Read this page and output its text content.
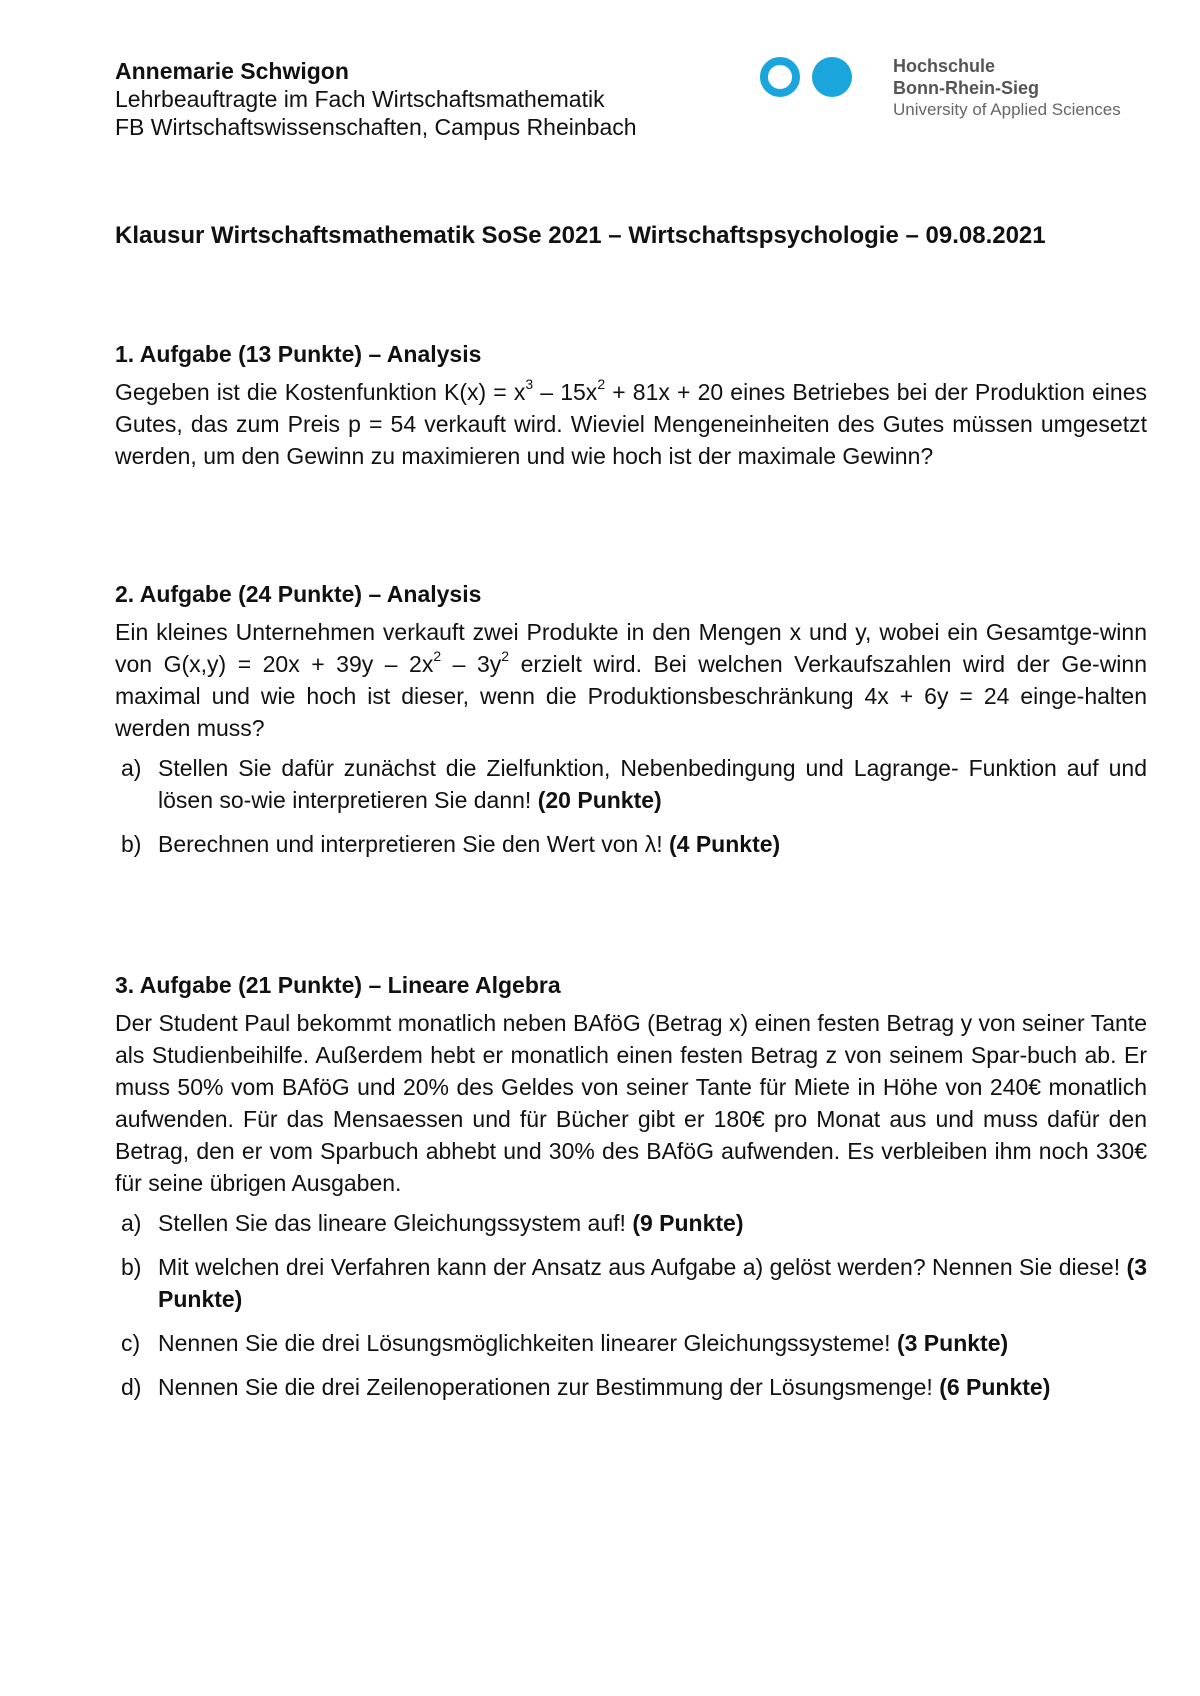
Annemarie Schwigon
Lehrbeauftragte im Fach Wirtschaftsmathematik
FB Wirtschaftswissenschaften, Campus Rheinbach
Hochschule
Bonn-Rhein-Sieg
University of Applied Sciences
Klausur Wirtschaftsmathematik SoSe 2021 – Wirtschaftspsychologie – 09.08.2021
1. Aufgabe (13 Punkte) – Analysis

Gegeben ist die Kostenfunktion $K(x) = x^3 - 15x^2 + 81x + 20$ eines Betriebes bei der Produktion eines Gutes, das zum Preis p = 54 verkauft wird. Wieviel Mengeneinheiten des Gutes müssen umgesetzt werden, um den Gewinn zu maximieren und wie hoch ist der maximale Gewinn?

2. Aufgabe (24 Punkte) – Analysis

Ein kleines Unternehmen verkauft zwei Produkte in den Mengen x und y, wobei ein Gesamtge-winn von $G(x,y) = 20x + 39y - 2x^2 - 3y^2$ erzielt wird. Bei welchen Verkaufszahlen wird der Ge-winn maximal und wie hoch ist dieser, wenn die Produktionsbeschränkung 4x + 6y = 24 einge-halten werden muss?

a) Stellen Sie dafür zunächst die Zielfunktion, Nebenbedingung und Lagrange- Funktion auf und lösen so-wie interpretieren Sie dann! (20 Punkte)
b) Berechnen und interpretieren Sie den Wert von λ! (4 Punkte)
3. Aufgabe (21 Punkte) – Lineare Algebra

Der Student Paul bekommt monatlich neben BAföG (Betrag x) einen festen Betrag y von seiner Tante als Studienbeihilfe. Außerdem hebt er monatlich einen festen Betrag z von seinem Spar-buch ab. Er muss 50% vom BAföG und 20% des Geldes von seiner Tante für Miete in Höhe von 240€ monatlich aufwenden. Für das Mensaessen und für Bücher gibt er 180€ pro Monat aus und muss dafür den Betrag, den er vom Sparbuch abhebt und 30% des BAföG aufwenden. Es verbleiben ihm noch 330€ für seine übrigen Ausgaben.

a) Stellen Sie das lineare Gleichungssystem auf! (9 Punkte)
b) Mit welchen drei Verfahren kann der Ansatz aus Aufgabe a) gelöst werden? Nennen Sie diese! (3 Punkte)
c) Nennen Sie die drei Lösungsmöglichkeiten linearer Gleichungssysteme! (3 Punkte)
d) Nennen Sie die drei Zeilenoperationen zur Bestimmung der Lösungsmenge! (6 Punkte)
